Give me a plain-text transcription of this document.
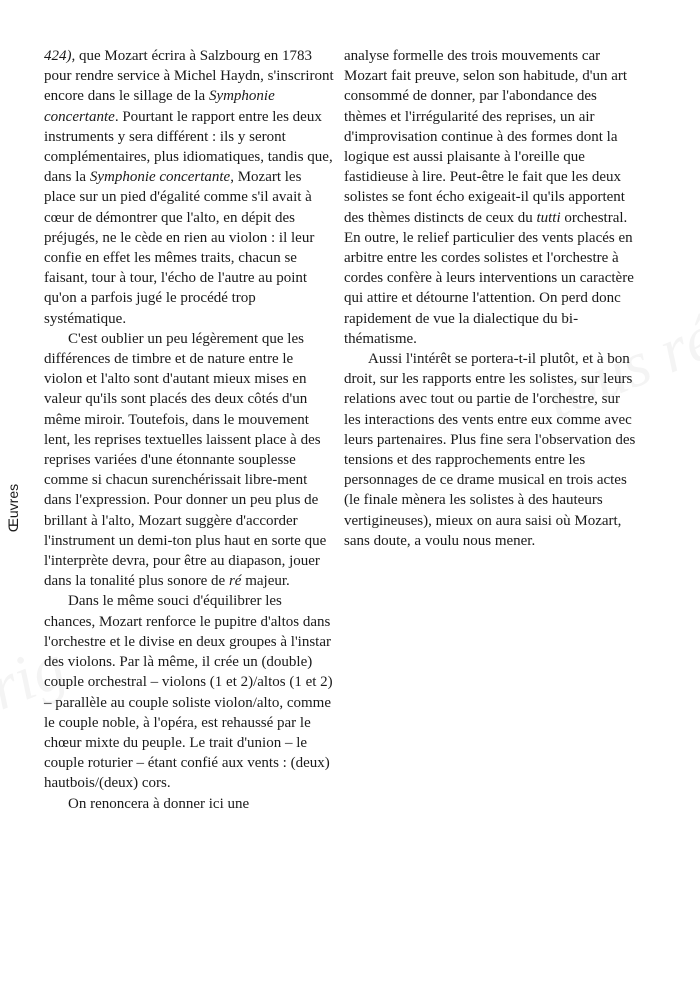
Œuvres

424), que Mozart écrira à Salzbourg en 1783 pour rendre service à Michel Haydn, s'inscriront encore dans le sillage de la Symphonie concertante. Pourtant le rapport entre les deux instruments y sera différent : ils y seront complémentaires, plus idiomatiques, tandis que, dans la Symphonie concertante, Mozart les place sur un pied d'égalité comme s'il avait à cœur de démontrer que l'alto, en dépit des préjugés, ne le cède en rien au violon : il leur confie en effet les mêmes traits, chacun se faisant, tour à tour, l'écho de l'autre au point qu'on a parfois jugé le procédé trop systématique.

C'est oublier un peu légèrement que les différences de timbre et de nature entre le violon et l'alto sont d'autant mieux mises en valeur qu'ils sont placés des deux côtés d'un même miroir. Toutefois, dans le mouvement lent, les reprises textuelles laissent place à des reprises variées d'une étonnante souplesse comme si chacun surenchérissait libre-ment dans l'expression. Pour donner un peu plus de brillant à l'alto, Mozart suggère d'accorder l'instrument un demi-ton plus haut en sorte que l'interprète devra, pour être au diapason, jouer dans la tonalité plus sonore de ré majeur.

Dans le même souci d'équilibrer les chances, Mozart renforce le pupitre d'altos dans l'orchestre et le divise en deux groupes à l'instar des violons. Par là même, il crée un (double) couple orchestral – violons (1 et 2)/altos (1 et 2) – parallèle au couple soliste violon/alto, comme le couple noble, à l'opéra, est rehaussé par le chœur mixte du peuple. Le trait d'union – le couple roturier – étant confié aux vents : (deux) hautbois/(deux) cors.

On renoncera à donner ici une

analyse formelle des trois mouvements car Mozart fait preuve, selon son habitude, d'un art consommé de donner, par l'abondance des thèmes et l'irrégularité des reprises, un air d'improvisation continue à des formes dont la logique est aussi plaisante à l'oreille que fastidieuse à lire. Peut-être le fait que les deux solistes se font écho exigeait-il qu'ils apportent des thèmes distincts de ceux du tutti orchestral. En outre, le relief particulier des vents placés en arbitre entre les cordes solistes et l'orchestre à cordes confère à leurs interventions un caractère qui attire et détourne l'attention. On perd donc rapidement de vue la dialectique du bi-thématisme.

Aussi l'intérêt se portera-t-il plutôt, et à bon droit, sur les rapports entre les solistes, sur leurs relations avec tout ou partie de l'orchestre, sur les interactions des vents entre eux comme avec leurs partenaires. Plus fine sera l'observation des tensions et des rapprochements entre les personnages de ce drame musical en trois actes (le finale mènera les solistes à des hauteurs vertigineuses), mieux on aura saisi où Mozart, sans doute, a voulu nous mener.
